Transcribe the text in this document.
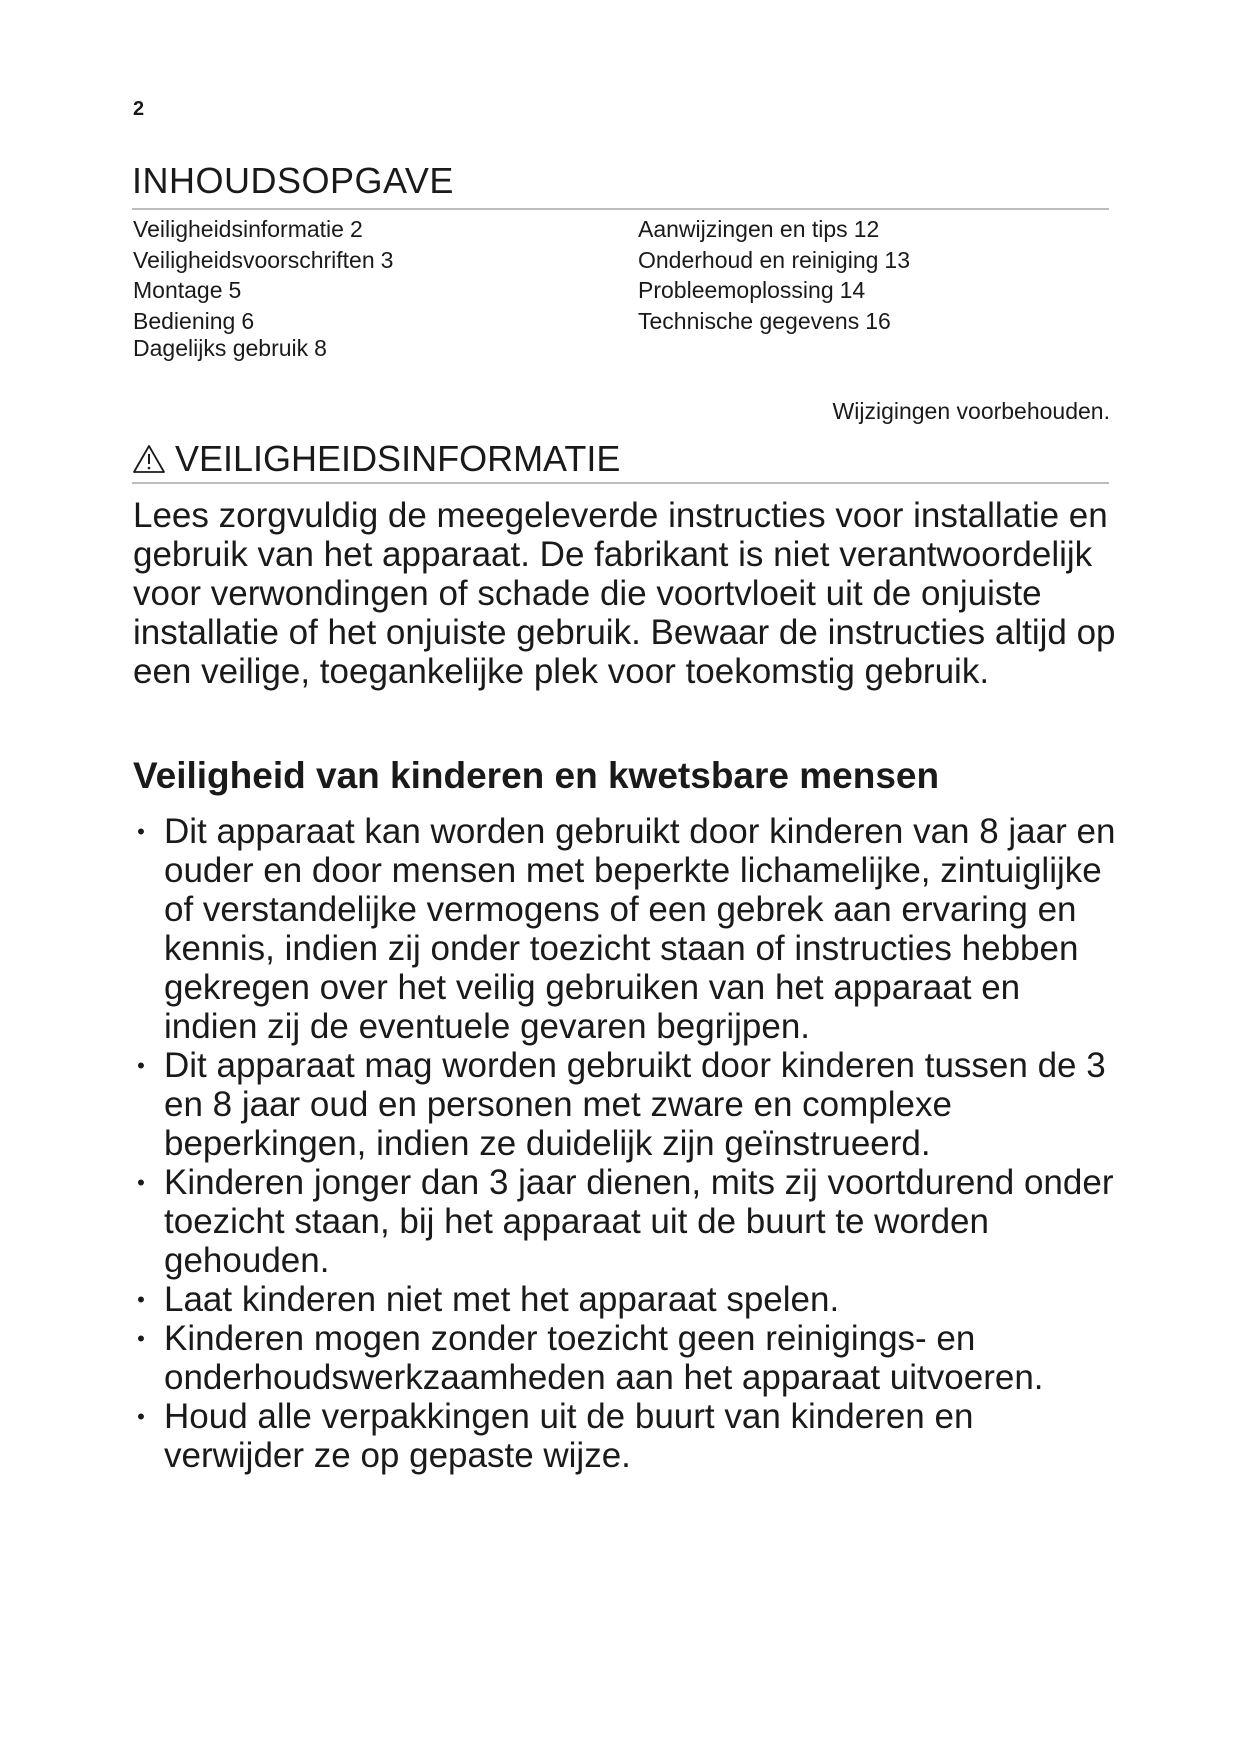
2
INHOUDSOPGAVE
Veiligheidsinformatie 2
Veiligheidsvoorschriften 3
Montage 5
Bediening 6
Dagelijks gebruik 8
Aanwijzingen en tips 12
Onderhoud en reiniging 13
Probleemoplossing 14
Technische gegevens 16
Wijzigingen voorbehouden.
VEILIGHEIDSINFORMATIE
Lees zorgvuldig de meegeleverde instructies voor installatie en gebruik van het apparaat. De fabrikant is niet verantwoordelijk voor verwondingen of schade die voortvloeit uit de onjuiste installatie of het onjuiste gebruik. Bewaar de instructies altijd op een veilige, toegankelijke plek voor toekomstig gebruik.
Veiligheid van kinderen en kwetsbare mensen
• Dit apparaat kan worden gebruikt door kinderen van 8 jaar en ouder en door mensen met beperkte lichamelijke, zintuiglijke of verstandelijke vermogens of een gebrek aan ervaring en kennis, indien zij onder toezicht staan of instructies hebben gekregen over het veilig gebruiken van het apparaat en indien zij de eventuele gevaren begrijpen.
• Dit apparaat mag worden gebruikt door kinderen tussen de 3 en 8 jaar oud en personen met zware en complexe beperkingen, indien ze duidelijk zijn geïnstrueerd.
• Kinderen jonger dan 3 jaar dienen, mits zij voortdurend onder toezicht staan, bij het apparaat uit de buurt te worden gehouden.
• Laat kinderen niet met het apparaat spelen.
• Kinderen mogen zonder toezicht geen reinigings- en onderhoudswerkzaamheden aan het apparaat uitvoeren.
• Houd alle verpakkingen uit de buurt van kinderen en verwijder ze op gepaste wijze.
